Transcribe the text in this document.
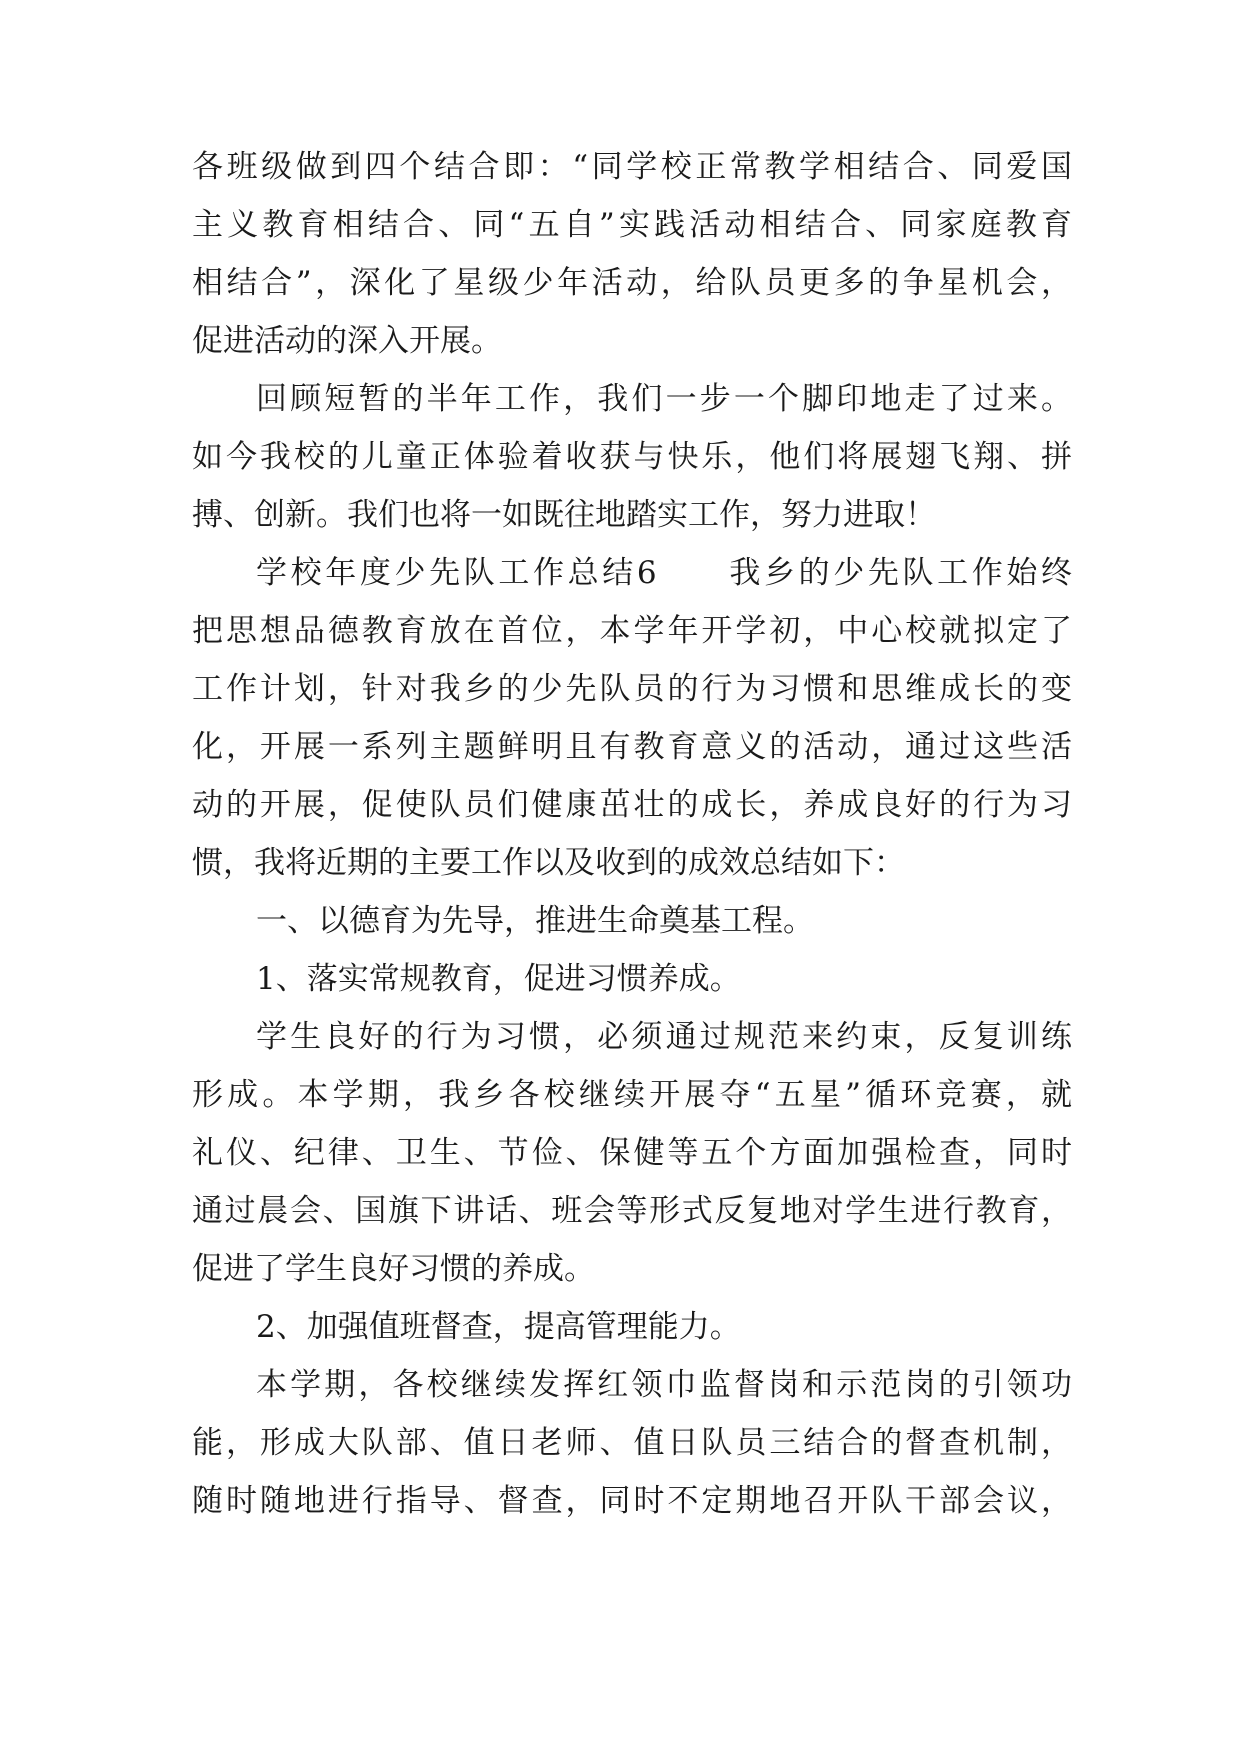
各班级做到四个结合即：“同学校正常教学相结合、同爱国
主义教育相结合、同“五自”实践活动相结合、同家庭教育
相结合”，深化了星级少年活动，给队员更多的争星机会，
促进活动的深入开展。
回顾短暂的半年工作，我们一步一个脚印地走了过来。
如今我校的儿童正体验着收获与快乐，他们将展翅飞翔、拼
搏、创新。我们也将一如既往地踏实工作，努力进取！
学校年度少先队工作总结6　　我乡的少先队工作始终
把思想品德教育放在首位，本学年开学初，中心校就拟定了
工作计划，针对我乡的少先队员的行为习惯和思维成长的变
化，开展一系列主题鲜明且有教育意义的活动，通过这些活
动的开展，促使队员们健康茁壮的成长，养成良好的行为习
惯，我将近期的主要工作以及收到的成效总结如下：
一、以德育为先导，推进生命奠基工程。
1、落实常规教育，促进习惯养成。
学生良好的行为习惯，必须通过规范来约束，反复训练
形成。本学期，我乡各校继续开展夺“五星”循环竞赛，就
礼仪、纪律、卫生、节俭、保健等五个方面加强检查，同时
通过晨会、国旗下讲话、班会等形式反复地对学生进行教育，
促进了学生良好习惯的养成。
2、加强值班督查，提高管理能力。
本学期，各校继续发挥红领巾监督岗和示范岗的引领功
能，形成大队部、值日老师、值日队员三结合的督查机制，
随时随地进行指导、督查，同时不定期地召开队干部会议，
